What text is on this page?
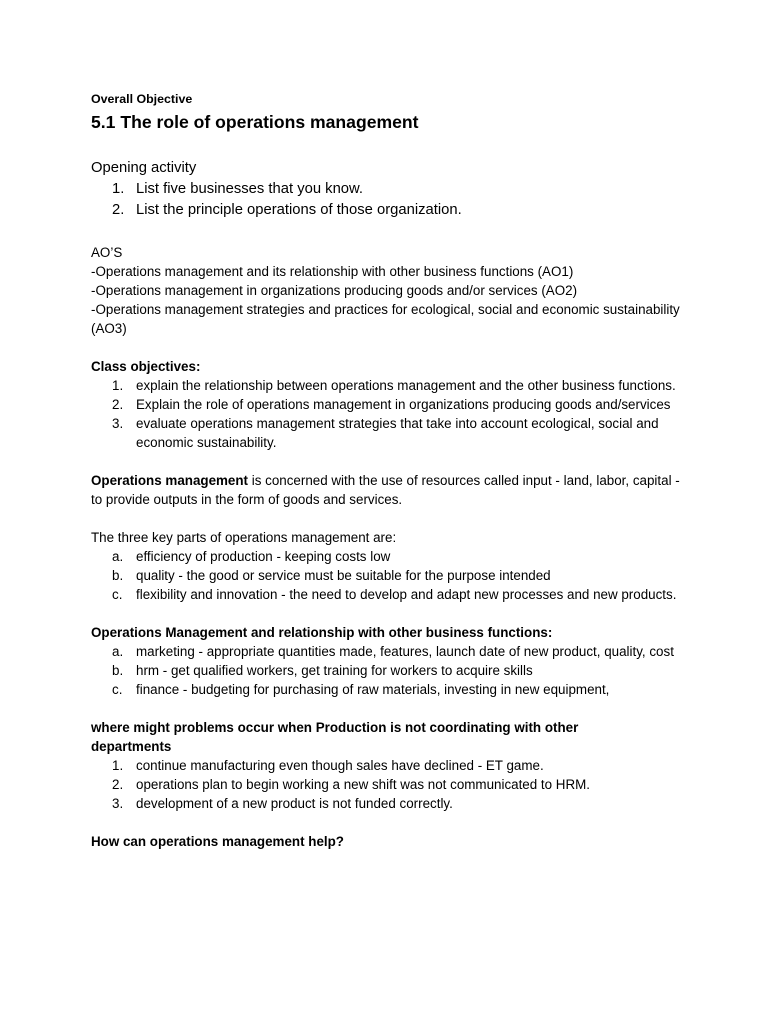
Overall Objective

5.1 The role of operations management

Opening activity

1. List five businesses that you know.
2. List the principle operations of those organization.

AO’S

-Operations management and its relationship with other business functions (AO1)

-Operations management in organizations producing goods and/or services (AO2)

-Operations management strategies and practices for ecological, social and economic sustainability (AO3)

Class objectives:

1. explain the relationship between operations management and the other business functions.
2. Explain the role of operations management in organizations producing goods and/services
3. evaluate operations management strategies that take into account ecological, social and economic sustainability.

Operations management is concerned with the use of resources called input - land, labor, capital - to provide outputs in the form of goods and services.

The three key parts of operations management are:

a. efficiency of production - keeping costs low
b. quality - the good or service must be suitable for the purpose intended
c. flexibility and innovation - the need to develop and adapt new processes and new products.

Operations Management and relationship with other business functions:

a. marketing - appropriate quantities made, features, launch date of new product, quality, cost
b. hrm - get qualified workers, get training for workers to acquire skills
c. finance - budgeting for purchasing of raw materials, investing in new equipment,

where might problems occur when Production is not coordinating with other departments

1. continue manufacturing even though sales have declined - ET game.
2. operations plan to begin working a new shift was not communicated to HRM.
3. development of a new product is not funded correctly.

How can operations management help?
